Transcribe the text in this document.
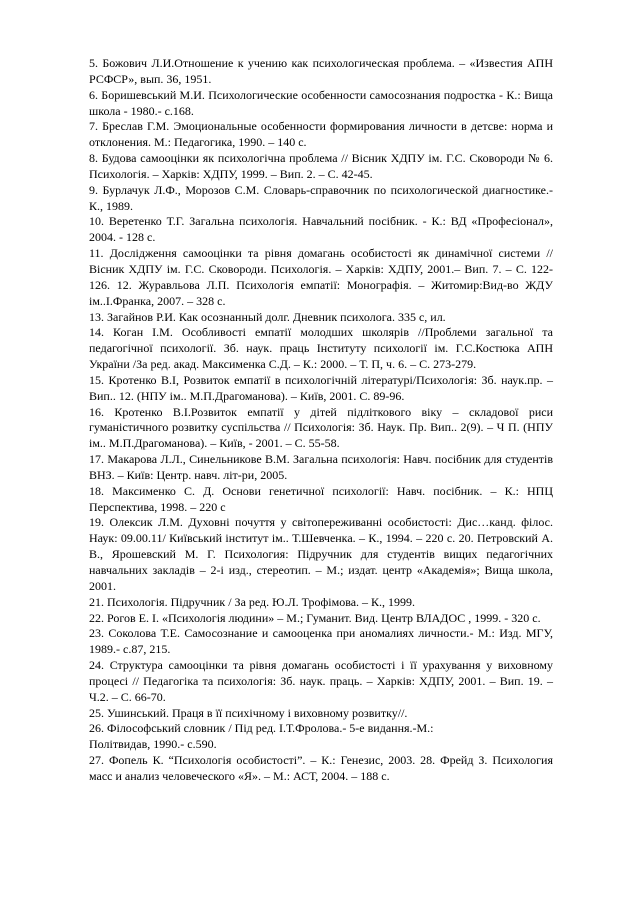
5. Божович Л.И.Отношение к учению как психологическая проблема. – «Известия АПН РСФСР», вып. 36, 1951.

6. Боришевський М.И. Психологические особенности самосознания подростка - К.: Вища школа - 1980.- с.168.

7. Бреслав Г.М. Эмоциональные особенности формирования личности в детсве: норма и отклонения. М.: Педагогика, 1990. – 140 с.

8. Будова самооцінки як психологічна проблема // Вісник ХДПУ ім. Г.С. Сковороди № 6. Психологія. – Харків: ХДПУ, 1999. – Вип. 2. – С. 42-45.

9. Бурлачук Л.Ф., Морозов С.М. Словарь-справочник по психологической диагностике.- К., 1989.

10. Веретенко Т.Г. Загальна психологія. Навчальний посібник. - К.: ВД «Професіонал», 2004. - 128 с.

11. Дослідження самооцінки та рівня домагань особистості як динамічної системи // Вісник ХДПУ ім. Г.С. Сковороди. Психологія. – Харків: ХДПУ, 2001.– Вип. 7. – С. 122-126. 12. Журавльова Л.П. Психологія емпатії: Монографія. – Житомир:Вид-во ЖДУ ім..І.Франка, 2007. – 328 с.

13. Загайнов Р.И. Как осознанный долг. Дневник психолога. 335 с, ил.

14. Коган І.М. Особливості емпатії молодших школярів //Проблеми загальної та педагогічної психології. Зб. наук. праць Інституту психології ім. Г.С.Костюка АПН України /За ред. акад. Максименка С.Д. – К.: 2000. – Т. П, ч. 6. – С. 273-279.

15. Кротенко В.І, Розвиток емпатії в психологічній літературі/Психологія: Зб. наук.пр. – Вип.. 12. (НПУ ім.. М.П.Драгоманова). – Київ, 2001. С. 89-96.

16. Кротенко В.І.Розвиток емпатії у дітей підліткового віку – складової риси гуманістичного розвитку суспільства // Психологія: Зб. Наук. Пр. Вип.. 2(9). – Ч П. (НПУ ім.. М.П.Драгоманова). – Київ, - 2001. – С. 55-58.

17. Макарова Л.Л., Синельникове В.М. Загальна психологія: Навч. посібник для студентів ВНЗ. – Київ: Центр. навч. літ-ри, 2005.

18. Максименко С. Д. Основи генетичної психології: Навч. посібник. – К.: НПЦ Перспектива, 1998. – 220 с

19. Олексик Л.М. Духовні почуття у світопереживанні особистості: Дис…канд. філос. Наук: 09.00.11/ Київський інститут ім.. Т.Шевченка. – К., 1994. – 220 с. 20. Петровский А. В., Ярошевский М. Г. Психология: Підручник для студентів вищих педагогічних навчальних закладів – 2-і изд., стереотип. – М.; издат. центр «Академія»; Вища школа, 2001.

21. Психологія. Підручник / За ред. Ю.Л. Трофімова. – К., 1999.

22. Рогов Е. І. «Психологія людини» – М.; Гуманит. Вид. Центр ВЛАДОС , 1999. - 320 с.

23. Соколова Т.Е. Самосознание и самооценка при аномалиях личности.- М.: Изд. МГУ, 1989.- с.87, 215.

24. Структура самооцінки та рівня домагань особистості і її урахування у виховному процесі // Педагогіка та психологія: Зб. наук. праць. – Харків: ХДПУ, 2001. – Вип. 19. – Ч.2. – С. 66-70.

25. Ушинський. Праця в її психічному і виховному розвитку//.

26. Філософський словник / Під ред. І.Т.Фролова.- 5-е видання.-М.:

Політвидав, 1990.- с.590.

27. Фопель К. “Психологія особистості”. – К.: Генезис, 2003. 28. Фрейд З. Психология масс и анализ человеческого «Я». – М.: АСТ, 2004. – 188 с.
